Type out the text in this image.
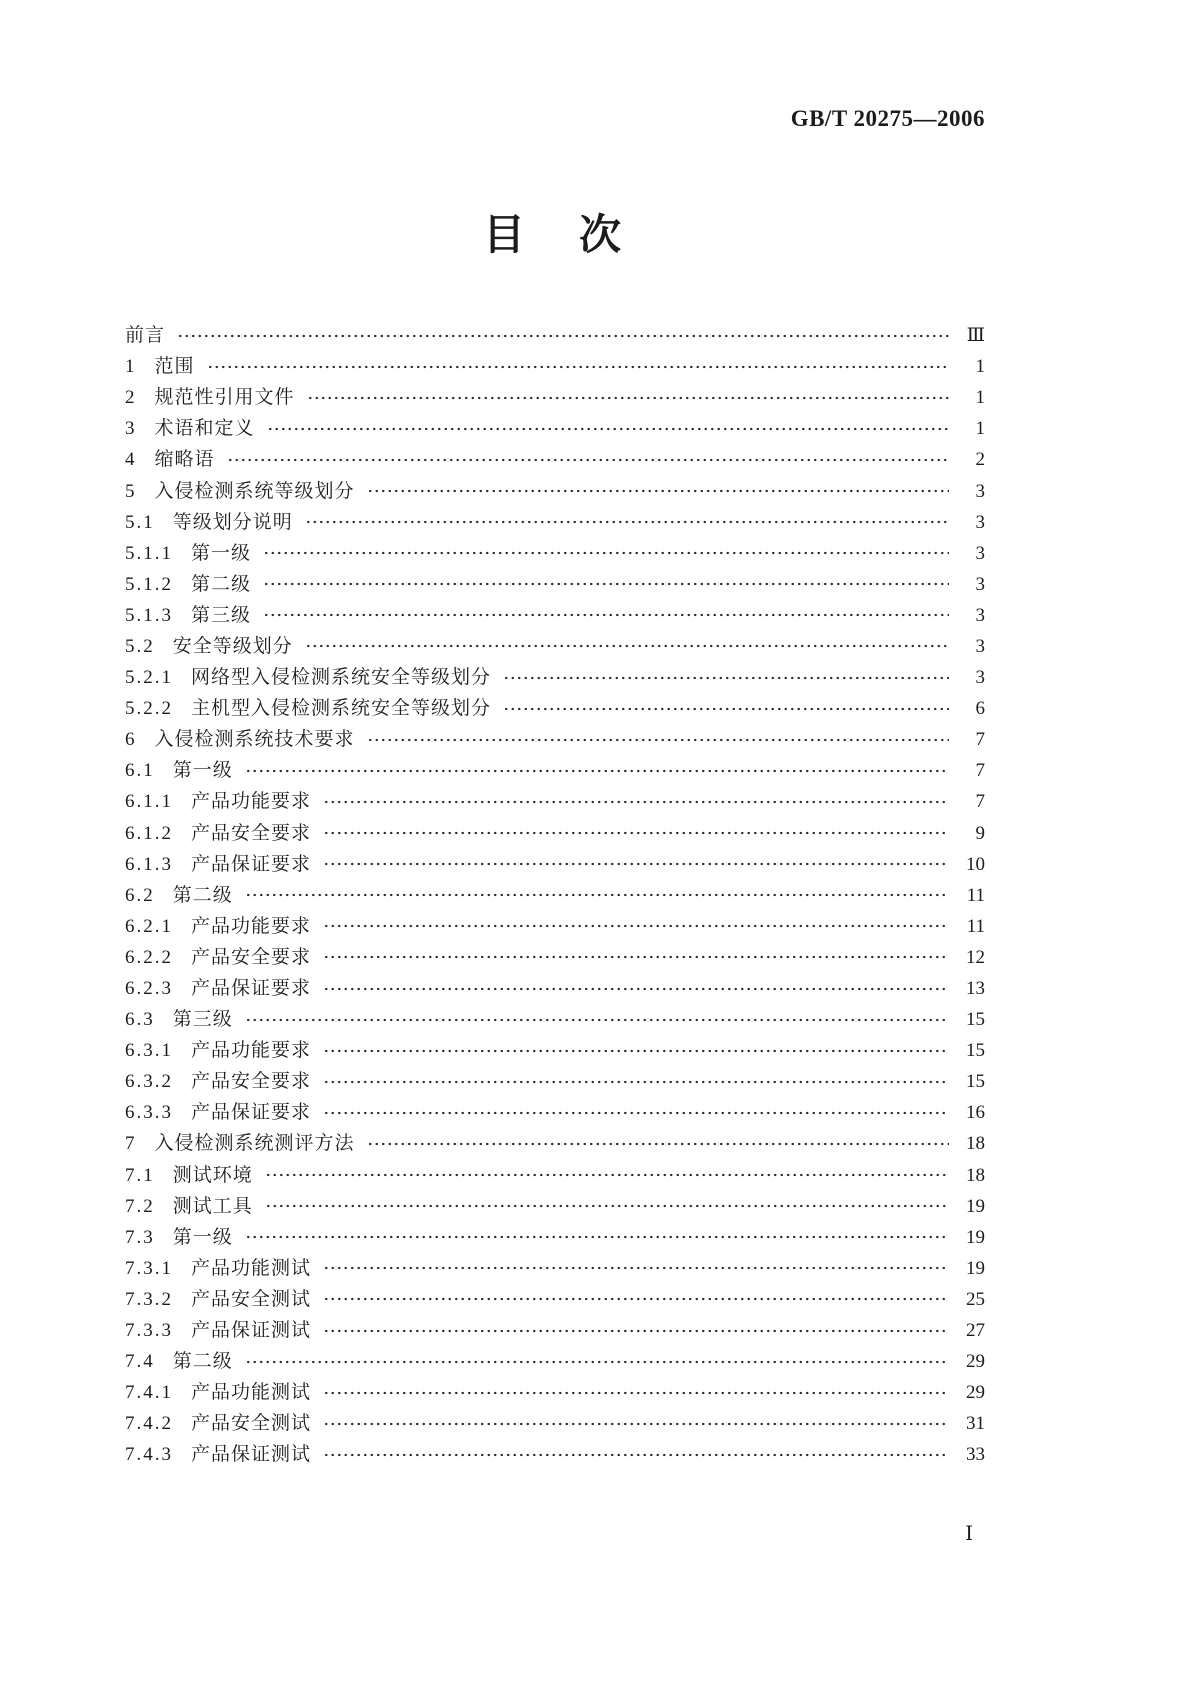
GB/T 20275—2006
目　次
前言	Ⅲ
1 范围	1
2 规范性引用文件	1
3 术语和定义	1
4 缩略语	2
5 入侵检测系统等级划分	3
5.1 等级划分说明	3
5.1.1 第一级	3
5.1.2 第二级	3
5.1.3 第三级	3
5.2 安全等级划分	3
5.2.1 网络型入侵检测系统安全等级划分	3
5.2.2 主机型入侵检测系统安全等级划分	6
6 入侵检测系统技术要求	7
6.1 第一级	7
6.1.1 产品功能要求	7
6.1.2 产品安全要求	9
6.1.3 产品保证要求	10
6.2 第二级	11
6.2.1 产品功能要求	11
6.2.2 产品安全要求	12
6.2.3 产品保证要求	13
6.3 第三级	15
6.3.1 产品功能要求	15
6.3.2 产品安全要求	15
6.3.3 产品保证要求	16
7 入侵检测系统测评方法	18
7.1 测试环境	18
7.2 测试工具	19
7.3 第一级	19
7.3.1 产品功能测试	19
7.3.2 产品安全测试	25
7.3.3 产品保证测试	27
7.4 第二级	29
7.4.1 产品功能测试	29
7.4.2 产品安全测试	31
7.4.3 产品保证测试	33
Ⅰ
